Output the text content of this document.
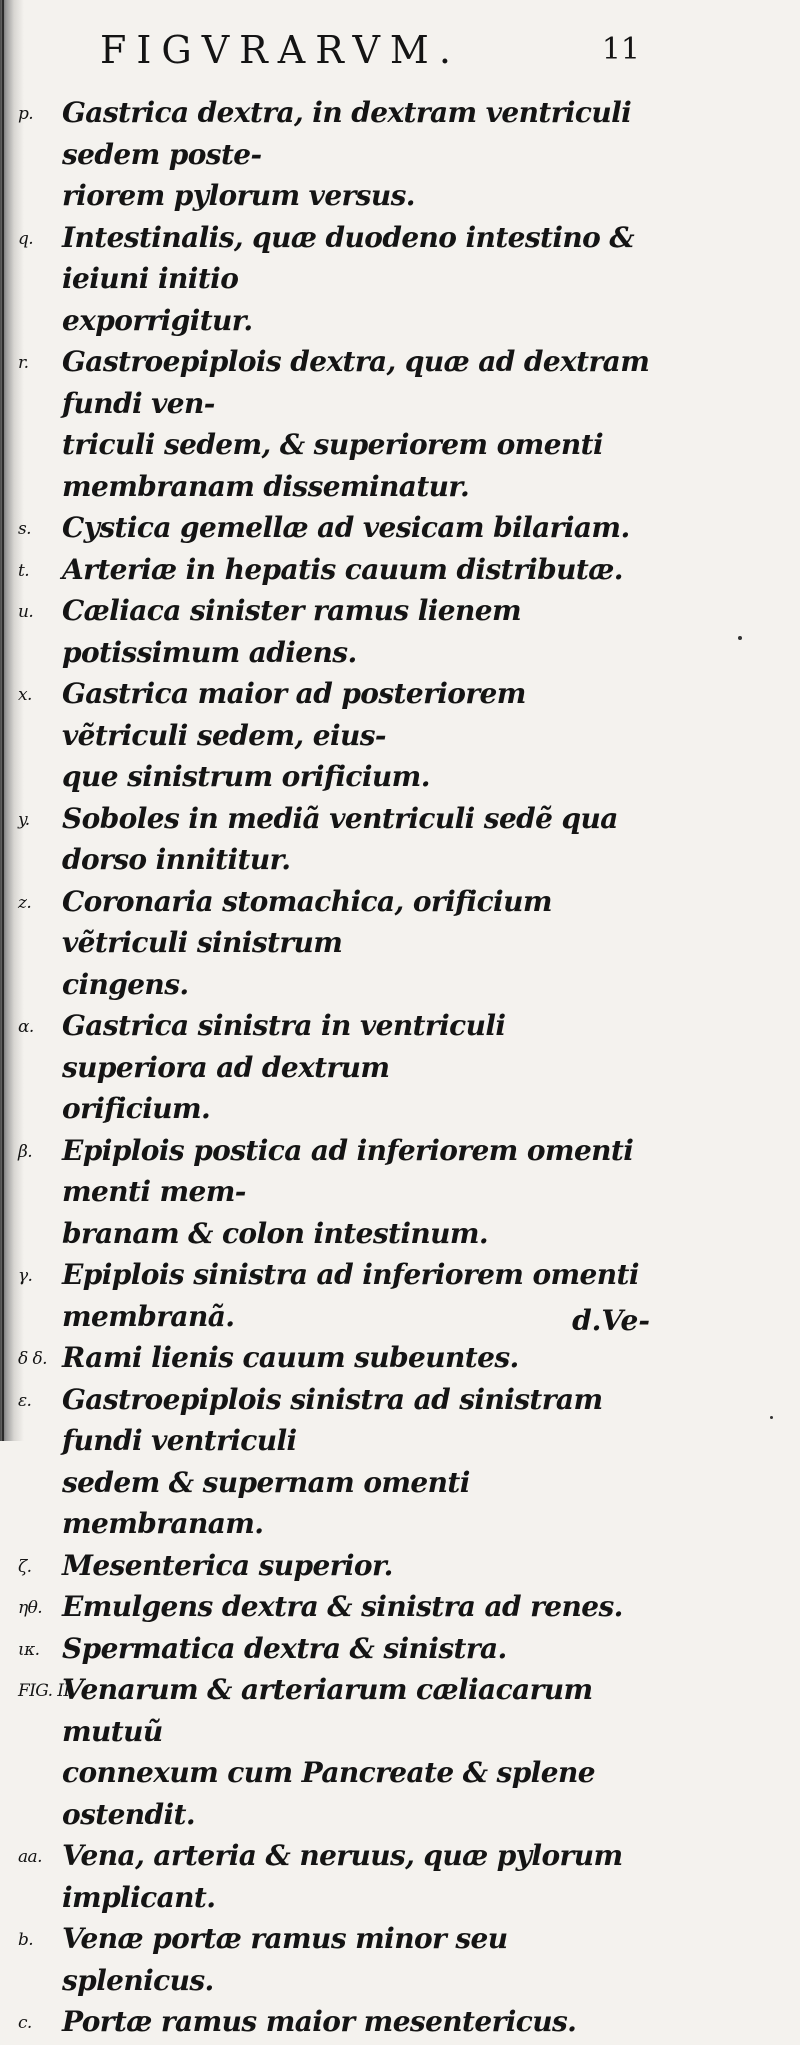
FIGVRARVM.	11
p. Gastrica dextra, in dextram ventriculi sedem poste-
riorem pylorum versus.
q. Intestinalis, quæ duodeno intestino & ieiuni initio
exporrigitur.
r. Gastroepiplois dextra, quæ ad dextram fundi ven-
triculi sedem, & superiorem omenti membranam disseminatur.
s. Cystica gemellæ ad vesicam bilariam.
t. Arteriæ in hepatis cauum distributæ.
u. Cæliaca sinister ramus lienem potissimum adiens.
x. Gastrica maior ad posteriorem vẽtriculi sedem, eius-
que sinistrum orificium.
y. Soboles in mediã ventriculi sedẽ qua dorso innititur.
z. Coronaria stomachica, orificium vẽtriculi sinistrum
cingens.
α. Gastrica sinistra in ventriculi superiora ad dextrum
orificium.
β. Epiplois postica ad inferiorem omenti menti mem-
branam & colon intestinum.
γ. Epiplois sinistra ad inferiorem omenti membranã.
δ δ. Rami lienis cauum subeuntes.
ε. Gastroepiplois sinistra ad sinistram fundi ventriculi
sedem & supernam omenti membranam.
ζ. Mesenterica superior.
ηθ. Emulgens dextra & sinistra ad renes.
ικ. Spermatica dextra & sinistra.
FIG. II.
Venarum & arteriarum cæliacarum mutuũ
connexum cum Pancreate & splene ostendit.
aa. Vena, arteria & neruus, quæ pylorum implicant.
b. Venæ portæ ramus minor seu splenicus.
c. Portæ ramus maior mesentericus.
d.Ve-
